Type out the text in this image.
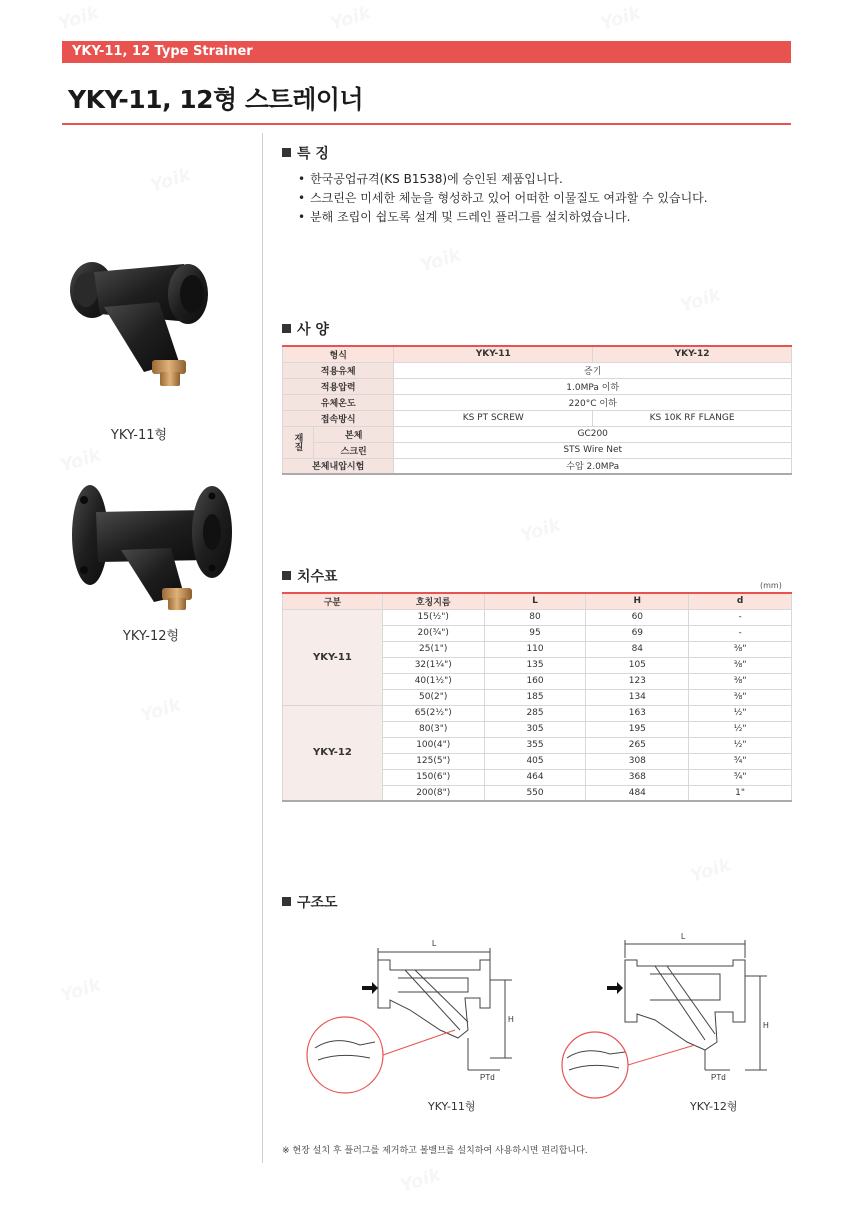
Yoik	Yoik	Yoik
Yoik
Yoik
Yoik
Yoik
Yoik
Yoik
Yoik
Yoik
Yoik
YKY-11, 12 Type Strainer
YKY-11, 12형 스트레이너
YKY-11형
YKY-12형
특 징
• 한국공업규격(KS B1538)에 승인된 제품입니다.
• 스크린은 미세한 체눈을 형성하고 있어 어떠한 이물질도 여과할 수 있습니다.
• 분해 조립이 쉽도록 설계 및 드레인 플러그를 설치하였습니다.
사 양
형식		YKY-11	YKY-12
적용유체		증기	
적용압력		1.0MPa 이하	
유체온도		220°C 이하	
접속방식		KS PT SCREW	KS 10K RF FLANGE
재질	본체	GC200	
	스크린	STS Wire Net	
본체내압시험		수압 2.0MPa	
치수표
(mm)
구분	호칭지름	L	H	d
YKY-11	15(½")	80	60	-
	20(¾")	95	69	-
	25(1")	110	84	⅜"
	32(1¼")	135	105	⅜"
	40(1½")	160	123	⅜"
	50(2")	185	134	⅜"
YKY-12	65(2½")	285	163	½"
	80(3")	305	195	½"
	100(4")	355	265	½"
	125(5")	405	308	¾"
	150(6")	464	368	¾"
	200(8")	550	484	1"
구조도
H
L
PTd
YKY-11형
H
L
PTd
YKY-12형
※ 현장 설치 후 플러그를 제거하고 볼밸브를 설치하여 사용하시면 편리합니다.
